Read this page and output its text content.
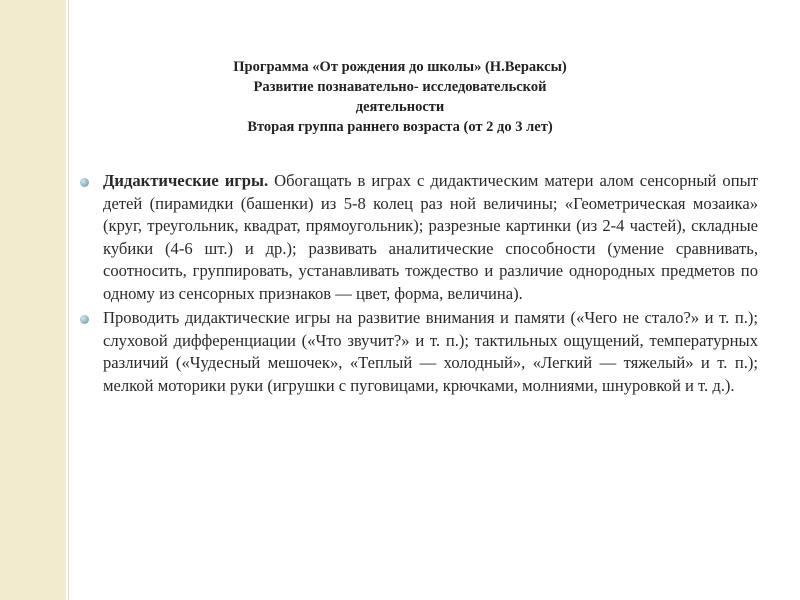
Программа «От рождения до школы» (Н.Вераксы)
Развитие познавательно- исследовательской
деятельности
Вторая группа раннего возраста (от 2 до 3 лет)
Дидактические игры. Обогащать в играх с дидактическим матери алом сенсорный опыт детей (пирамидки (башенки) из 5-8 колец раз ной величины; «Геометрическая мозаика» (круг, треугольник, квадрат, прямоугольник); разрезные картинки (из 2-4 частей), складные кубики (4-6 шт.) и др.); развивать аналитические способности (умение сравнивать, соотносить, группировать, устанавливать тождество и различие однородных предметов по одному из сенсорных признаков — цвет, форма, величина).
Проводить дидактические игры на развитие внимания и памяти («Чего не стало?» и т. п.); слуховой дифференциации («Что звучит?» и т. п.); тактильных ощущений, температурных различий («Чудесный мешочек», «Теплый — холодный», «Легкий — тяжелый» и т. п.); мелкой моторики руки (игрушки с пуговицами, крючками, молниями, шнуровкой и т. д.).
